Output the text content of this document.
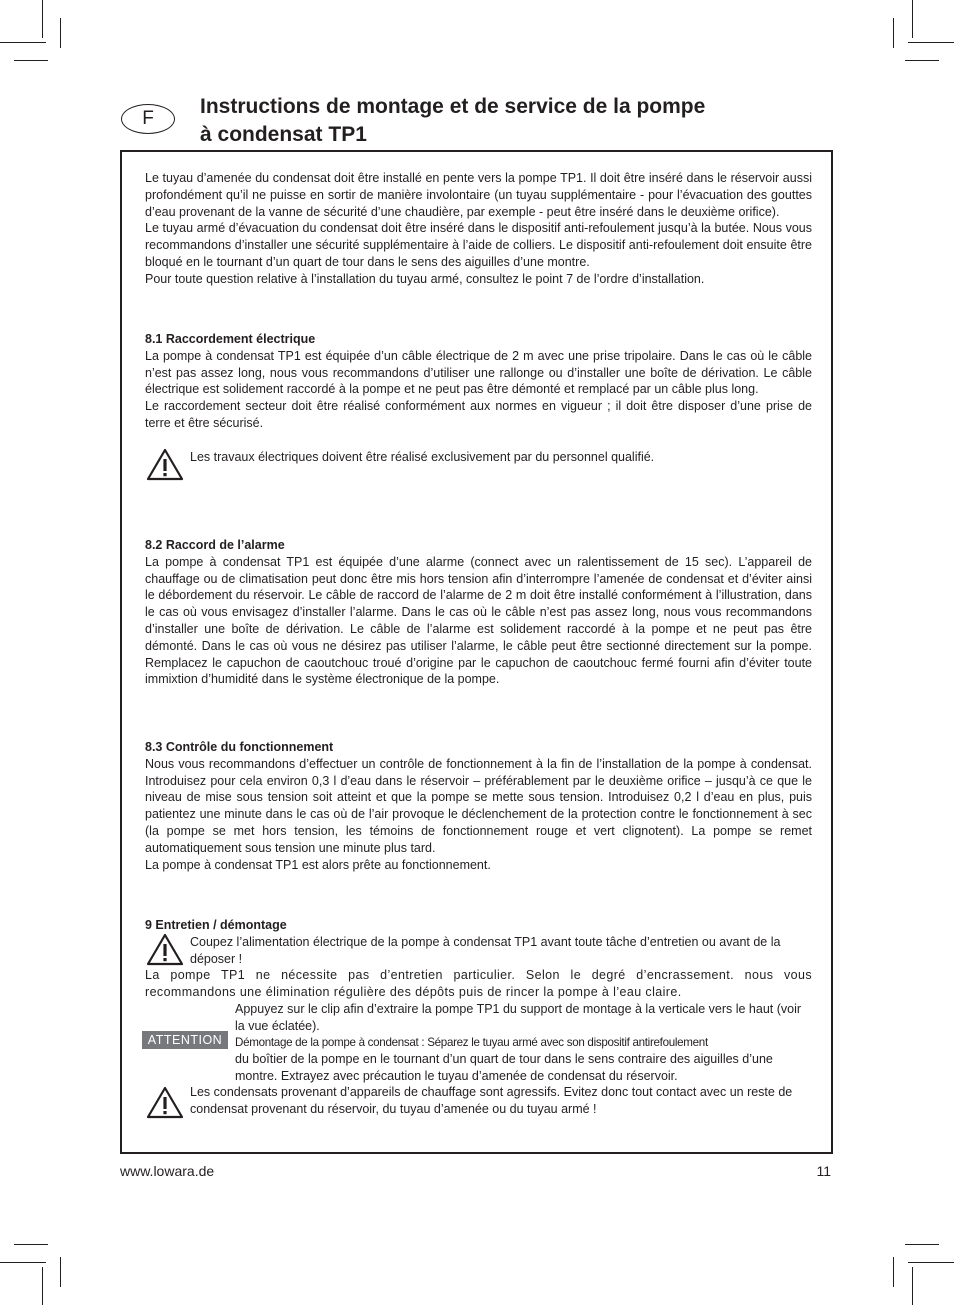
F
Instructions de montage et de service de la pompe
à condensat TP1

Le tuyau d’amenée du condensat doit être installé en pente vers la pompe TP1. Il doit être inséré dans le réservoir aussi profondément qu’il ne puisse en sortir de manière involontaire (un tuyau supplémentaire - pour l’évacuation des gouttes d’eau provenant de la vanne de sécurité d’une chaudière, par exemple - peut être inséré dans le deuxième orifice).

Le tuyau armé d’évacuation du condensat doit être inséré dans le dispositif anti-refoulement jusqu’à la butée. Nous vous recommandons d’installer une sécurité supplémentaire à l’aide de colliers. Le dispositif anti-refoulement doit ensuite être bloqué en le tournant d’un quart de tour dans le sens des aiguilles d’une montre.

Pour toute question relative à l’installation du tuyau armé, consultez le point 7 de l’ordre d’installation.

8.1 Raccordement électrique

La pompe à condensat TP1 est équipée d’un câble électrique de 2 m avec une prise tripolaire. Dans le cas où le câble n’est pas assez long, nous vous recommandons d’utiliser une rallonge ou d’installer une boîte de dérivation. Le câble électrique est solidement raccordé à la pompe et ne peut pas être démonté et remplacé par un câble plus long.

Le raccordement secteur doit être réalisé conformément aux normes en vigueur ; il doit être disposer d’une prise de terre et être sécurisé.

Les travaux électriques doivent être réalisé exclusivement par du personnel qualifié.
8.2 Raccord de l’alarme

La pompe à condensat TP1 est équipée d’une alarme (connect avec un ralentissement de 15 sec). L’appareil de chauffage ou de climatisation peut donc être mis hors tension afin d’interrompre l’amenée de condensat et d’éviter ainsi le débordement du réservoir. Le câble de raccord de l’alarme de 2 m doit être installé conformément à l’illustration, dans le cas où vous envisagez d’installer l’alarme. Dans le cas où le câble n’est pas assez long, nous vous recommandons d’installer une boîte de dérivation. Le câble de l’alarme est solidement raccordé à la pompe et ne peut pas être démonté. Dans le cas où vous ne désirez pas utiliser l’alarme, le câble peut être sectionné directement sur la pompe. Remplacez le capuchon de caoutchouc troué d’origine par le capuchon de caoutchouc fermé fourni afin d’éviter toute immixtion d’humidité dans le système électronique de la pompe.

8.3 Contrôle du fonctionnement

Nous vous recommandons d’effectuer un contrôle de fonctionnement à la fin de l’installation de la pompe à condensat. Introduisez pour cela environ 0,3 l d’eau dans le réservoir – préférablement par le deuxième orifice – jusqu’à ce que le niveau de mise sous tension soit atteint et que la pompe se mette sous tension. Introduisez 0,2 l d’eau en plus, puis patientez une minute dans le cas où de l’air provoque le déclenchement de la protection contre le fonctionnement à sec (la pompe se met hors tension, les témoins de fonctionnement rouge et vert clignotent). La pompe se remet automatiquement sous tension une minute plus tard.

La pompe à condensat TP1 est alors prête au fonctionnement.

9 Entretien / démontage
Coupez l’alimentation électrique de la pompe à condensat TP1 avant toute tâche d’entretien ou avant de la déposer !

La pompe TP1 ne nécessite pas d’entretien particulier. Selon le degré d’encrassement. nous vous recommandons une élimination régulière des dépôts puis de rincer la pompe à l’eau claire.

ATTENTION

Appuyez sur le clip afin d’extraire la pompe TP1 du support de montage à la verticale vers le haut (voir la vue éclatée).

Démontage de la pompe à condensat : Séparez le tuyau armé avec son dispositif antirefoulement

du boîtier de la pompe en le tournant d’un quart de tour dans le sens contraire des aiguilles d’une montre. Extrayez avec précaution le tuyau d’amenée de condensat du réservoir.

Les condensats provenant d’appareils de chauffage sont agressifs. Evitez donc tout contact avec un reste de condensat provenant du réservoir, du tuyau d’amenée ou du tuyau armé !
www.lowara.de	11
